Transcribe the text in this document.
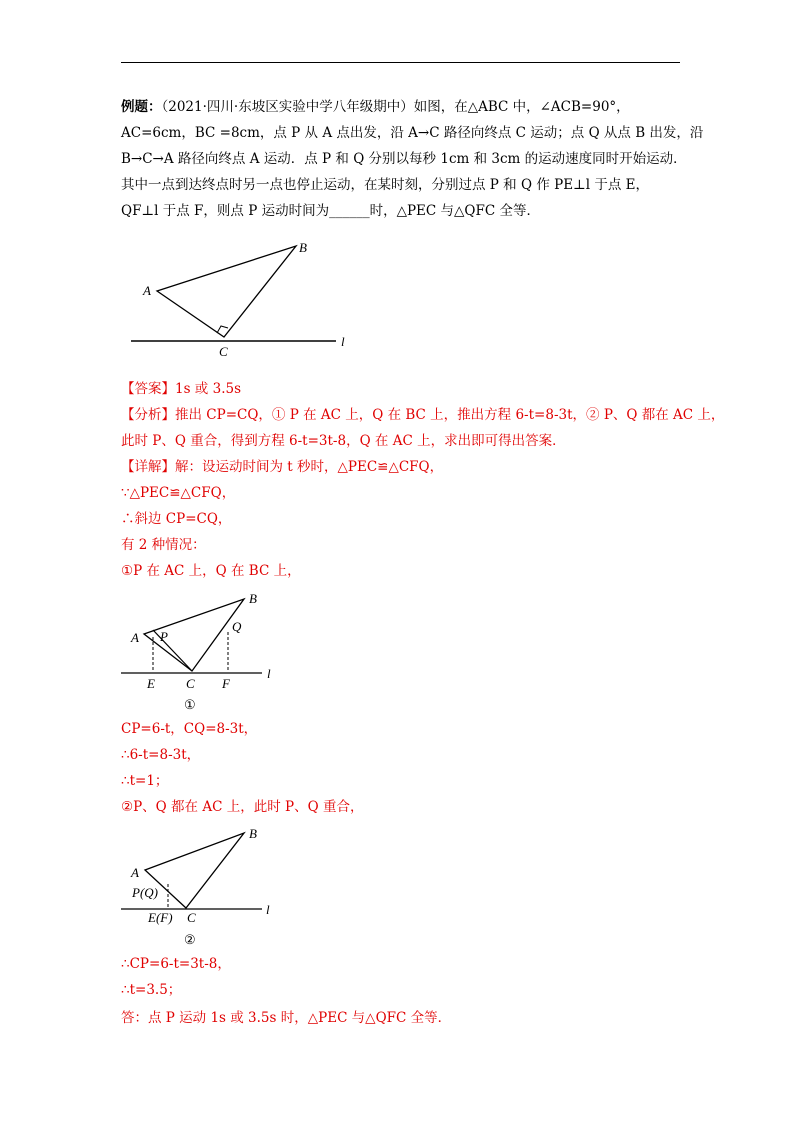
例题：（2021·四川·东坡区实验中学八年级期中）如图，在△ABC 中，∠ACB=90°，
AC=6cm，BC =8cm，点 P 从 A 点出发，沿 A→C 路径向终点 C 运动；点 Q 从点 B 出发，沿
B→C→A 路径向终点 A 运动．点 P 和 Q 分别以每秒 1cm 和 3cm 的运动速度同时开始运动．
其中一点到达终点时另一点也停止运动，在某时刻，分别过点 P 和 Q 作 PE⊥l 于点 E，
QF⊥l 于点 F，则点 P 运动时间为______时，△PEC 与△QFC 全等．
A
B
C
l
【答案】1s 或 3.5s
【分析】推出 CP=CQ，① P 在 AC 上，Q 在 BC 上，推出方程 6-t=8-3t，② P、Q 都在 AC 上，
此时 P、Q 重合，得到方程 6-t=3t-8，Q 在 AC 上，求出即可得出答案．
【详解】解：设运动时间为 t 秒时，△PEC≌△CFQ，
∵△PEC≌△CFQ，
∴斜边 CP=CQ，
有 2 种情况：
①P 在 AC 上，Q 在 BC 上，
A
B
P
Q
E C F
l
①
CP=6-t，CQ=8-3t，
∴6-t=8-3t，
∴t=1；
②P、Q 都在 AC 上，此时 P、Q 重合，
A
B
P(Q)
E(F) C
l
②
∴CP=6-t=3t-8，
∴t=3.5；
答：点 P 运动 1s 或 3.5s 时，△PEC 与△QFC 全等．
